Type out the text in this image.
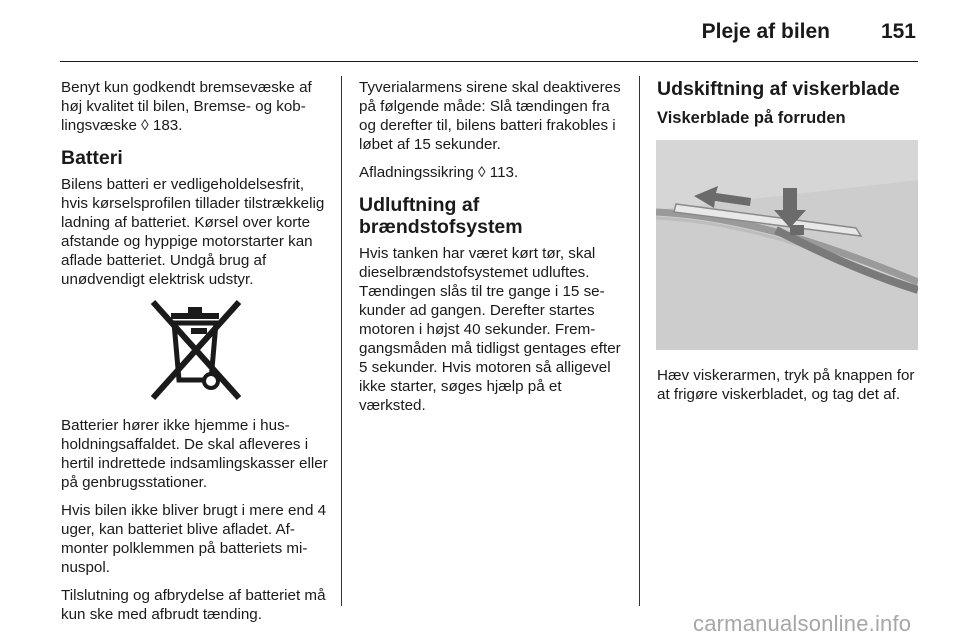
Pleje af bilen 151

Benyt kun godkendt bremsevæske af høj kvalitet til bilen, Bremse- og koblingsvæske ◊ 183.

Batteri

Bilens batteri er vedligeholdelsesfrit, hvis kørselsprofilen tillader tilstrækkelig ladning af batteriet. Kørsel over korte afstande og hyppige motorstarter kan aflade batteriet. Undgå brug af unødvendigt elektrisk udstyr.

Batterier hører ikke hjemme i husholdningsaffaldet. De skal afleveres i hertil indrettede indsamlingskasser eller på genbrugsstationer.

Hvis bilen ikke bliver brugt i mere end 4 uger, kan batteriet blive afladet. Afmonter polklemmen på batteriets minuspol.

Tilslutning og afbrydelse af batteriet må kun ske med afbrudt tænding.

Tyverialarmens sirene skal deaktiveres på følgende måde: Slå tændingen fra og derefter til, bilens batteri frakobles i løbet af 15 sekunder.

Afladningssikring ◊ 113.

Udluftning af brændstofsystem

Hvis tanken har været kørt tør, skal dieselbrændstofsystemet udluftes. Tændingen slås til tre gange i 15 sekunder ad gangen. Derefter startes motoren i højst 40 sekunder. Fremgangsmåden må tidligst gentages efter 5 sekunder. Hvis motoren så alligevel ikke starter, søges hjælp på et værksted.

Udskiftning af viskerblade
Viskerblade på forruden

Hæv viskerarmen, tryk på knappen for at frigøre viskerbladet, og tag det af.

carmanualsonline.info
